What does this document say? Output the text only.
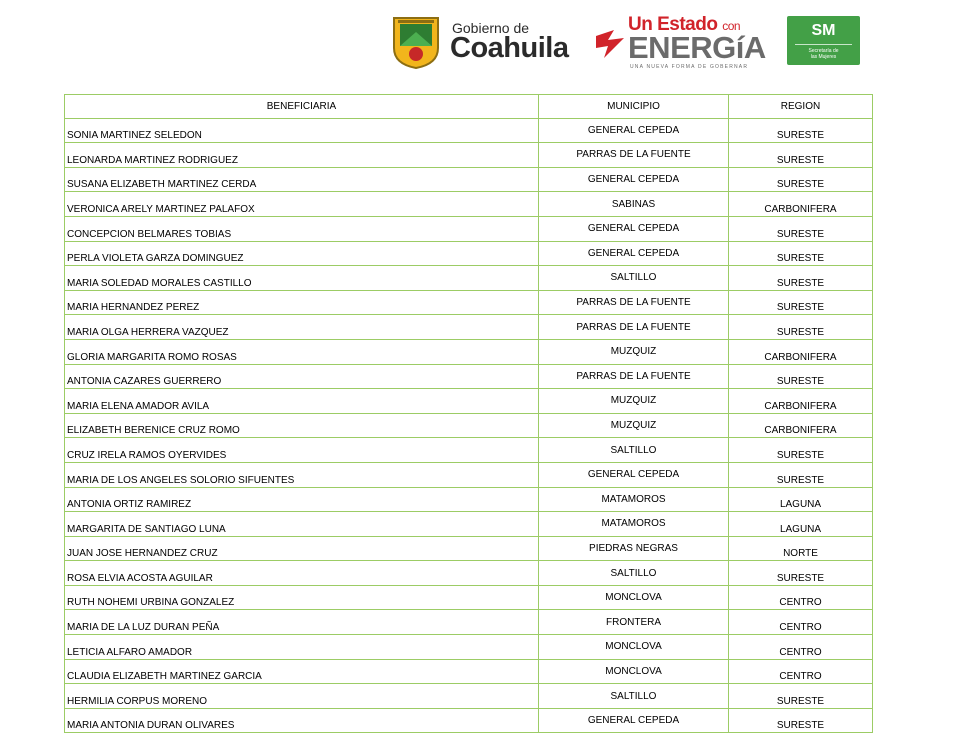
Gobierno de
Coahuila
Un Estado con
ENERGíA
UNA NUEVA FORMA DE GOBERNAR
SM
Secretaría de
las Mujeres
BENEFICIARIA	MUNICIPIO	REGION
SONIA MARTINEZ SELEDON	GENERAL CEPEDA	SURESTE
LEONARDA MARTINEZ RODRIGUEZ	PARRAS DE LA FUENTE	SURESTE
SUSANA ELIZABETH MARTINEZ CERDA	GENERAL CEPEDA	SURESTE
VERONICA ARELY MARTINEZ PALAFOX	SABINAS	CARBONIFERA
CONCEPCION BELMARES TOBIAS	GENERAL CEPEDA	SURESTE
PERLA VIOLETA GARZA DOMINGUEZ	GENERAL CEPEDA	SURESTE
MARIA SOLEDAD MORALES CASTILLO	SALTILLO	SURESTE
MARIA HERNANDEZ PEREZ	PARRAS DE LA FUENTE	SURESTE
MARIA OLGA HERRERA VAZQUEZ	PARRAS DE LA FUENTE	SURESTE
GLORIA MARGARITA ROMO ROSAS	MUZQUIZ	CARBONIFERA
ANTONIA CAZARES GUERRERO	PARRAS DE LA FUENTE	SURESTE
MARIA ELENA AMADOR AVILA	MUZQUIZ	CARBONIFERA
ELIZABETH BERENICE CRUZ ROMO	MUZQUIZ	CARBONIFERA
CRUZ IRELA RAMOS OYERVIDES	SALTILLO	SURESTE
MARIA DE LOS ANGELES SOLORIO SIFUENTES	GENERAL CEPEDA	SURESTE
ANTONIA ORTIZ RAMIREZ	MATAMOROS	LAGUNA
MARGARITA DE SANTIAGO LUNA	MATAMOROS	LAGUNA
JUAN JOSE HERNANDEZ CRUZ	PIEDRAS NEGRAS	NORTE
ROSA ELVIA ACOSTA AGUILAR	SALTILLO	SURESTE
RUTH NOHEMI URBINA GONZALEZ	MONCLOVA	CENTRO
MARIA DE LA LUZ DURAN PEÑA	FRONTERA	CENTRO
LETICIA ALFARO AMADOR	MONCLOVA	CENTRO
CLAUDIA ELIZABETH MARTINEZ GARCIA	MONCLOVA	CENTRO
HERMILIA CORPUS MORENO	SALTILLO	SURESTE
MARIA ANTONIA DURAN OLIVARES	GENERAL CEPEDA	SURESTE
